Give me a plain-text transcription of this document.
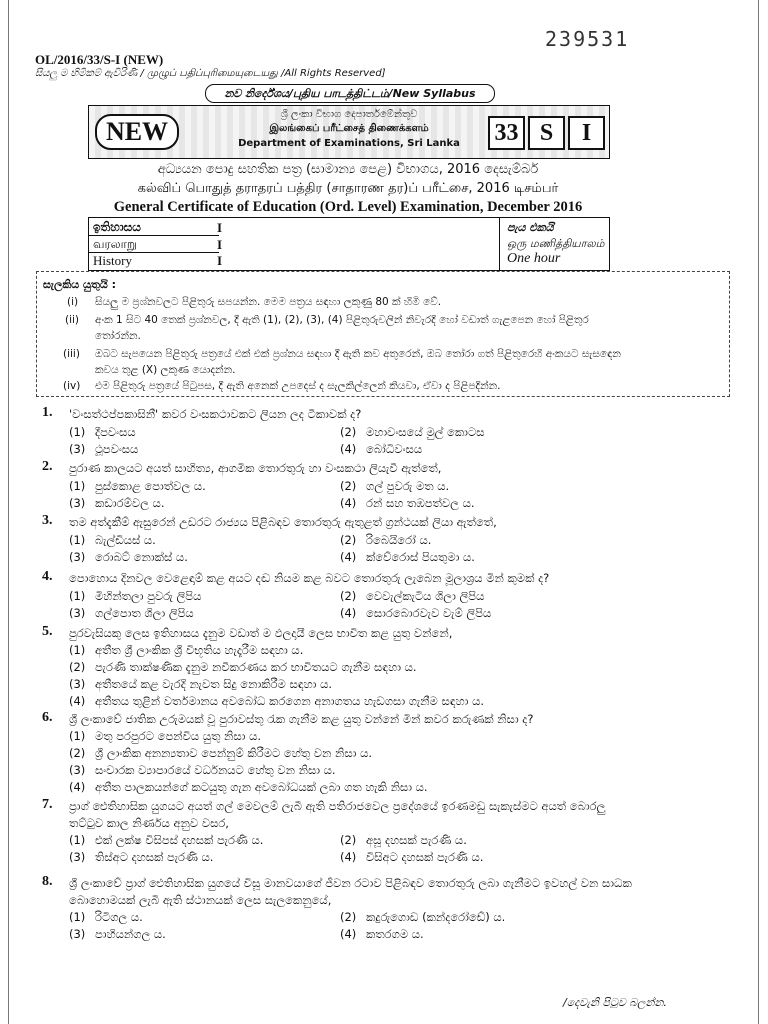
239531
OL/2016/33/S-I (NEW)
සියලු ම හිමිකම් ඇවිරිණි / முழுப் பதிப்புரிமையுடையது /All Rights Reserved]
නව නිර්දේශය/புதிய பாடத்திட்டம்/New Syllabus
NEW
ශ්‍රී ලංකා විභාග දෙපාර්තමේන්තුව
இலங்கைப் பரீட்சைத் திணைக்களம்
Department of Examinations, Sri Lanka	33 S	I
අධ්‍යයන පොදු සහතික පත්‍ර (සාමාන්‍ය පෙළ) විභාගය, 2016 දෙසැම්බර්
கல்விப் பொதுத் தராதரப் பத்திர (சாதாரண தர)ப் பரீட்சை, 2016 டிசம்பர்
General Certificate of Education (Ord. Level) Examination, December 2016
ඉතිහාසය	I
வரலாறு	I
History	I
පැය එකයි
ஒரு மணித்தியாலம்
One hour
සැලකිය යුතුයි :
(i) සියලු ම ප්‍රශ්නවලට පිළිතුරු සපයන්න. මෙම පත්‍රය සඳහා ලකුණු 80 ක් හිමි වේ.
(ii) අංක 1 සිට 40 තෙක් ප්‍රශ්නවල, දී ඇති (1), (2), (3), (4) පිළිතුරුවලින් නිවැරදි හෝ වඩාත් ගැළපෙන හෝ පිළිතුර
තෝරන්න.
(iii) ඔබට සැපයෙන පිළිතුරු පත්‍රයේ එක් එක් ප්‍රශ්නය සඳහා දී ඇති කව අතුරෙන්, ඔබ තෝරා ගත් පිළිතුරෙහි අංකයට සැසඳෙන
කවය තුළ (X) ලකුණ යොදන්න.
(iv) එම පිළිතුරු පත්‍රයේ පිටුපස, දී ඇති අනෙක් උපදෙස් ද සැලකිල්ලෙන් කියවා, ඒවා ද පිළිපදින්න.
1. 'වංසත්ථප්පකාසිනී' කවර වංසකථාවකට ලියන ලද ටීකාවක් ද?
(1) දීපවංසය	(2) මහාවංසයේ මුල් කොටස
(3) ථූපවංසය	(4) බෝධිවංසය
2. පුරාණ කාලයට අයත් සාහිත්‍ය, ආගමික තොරතුරු හා වංසකථා ලියැවී ඇත්තේ,
(1) පුස්කොළ පොත්වල ය.	(2) ගල් පුවරු මත ය.
(3) කඩාරම්වල ය.	(4) රන් සහ තඹපත්වල ය.
3. තම අත්දැකීම් ඇසුරෙන් උඩරට රාජ්‍යය පිළිබඳව තොරතුරු ඇතුළත් ග්‍රන්ථයක් ලියා ඇත්තේ,
(1) බැල්ඩියස් ය.	(2) රිබෙයිරෝ ය.
(3) රොබට් නොක්ස් ය.	(4) ක්වේරොස් පියතුමා ය.
4. පොහොය දිනවල වෙළෙඳාම් කළ අයට දඬ නියම කළ බවට තොරතුරු ලැබෙන මූලාශ්‍රය මින් කුමක් ද?
(1) මිහින්තලා පුවරු ලිපිය	(2) වෙවැල්කැටිය ශිලා ලිපිය
(3) ගල්පොත ශිලා ලිපිය	(4) සොරබොරවැව වැම් ලිපිය
5. පුරවැසියකු ලෙස ඉතිහාසය දැනුම වඩාත් ම ඵලදායී ලෙස භාවිත කළ යුතු වන්නේ,
(1) අතීත ශ්‍රී ලාංකික ශ්‍රී විභූතිය හැදෑරීම සඳහා ය.
(2) පැරණි තාක්ෂණික දැනුම නවීකරණය කර භාවිතයට ගැනීම සඳහා ය.
(3) අතීතයේ කළ වැරදි නැවත සිදු නොකිරීම සඳහා ය.
(4) අතීතය තුළින් වර්තමානය අවබෝධ කරගෙන අනාගතය හැඩගසා ගැනීම සඳහා ය.
6. ශ්‍රී ලංකාවේ ජාතික උරුමයක් වූ පුරාවස්තු රැක ගැනීම කළ යුතු වන්නේ මින් කවර කරුණක් නිසා ද?
(1) මතු පරපුරට පෙන්විය යුතු නිසා ය.
(2) ශ්‍රී ලාංකික අනන්‍යතාව පෙන්නුම් කිරීමට හේතු වන නිසා ය.
(3) සංචාරක ව්‍යාපාරයේ වර්ධනයට හේතු වන නිසා ය.
(4) අතීත පාලකයන්ගේ කටයුතු ගැන අවබෝධයක් ලබා ගත හැකි නිසා ය.
7. ප්‍රාග් ඓතිහාසික යුගයට අයත් ගල් මෙවලම් ලැබී ඇති පතිරාජවෙල ප්‍රදේශයේ ඉරණමඩු සැකැස්මට අයත් බොරලු
තට්ටුව කාල නිර්ණය අනුව වසර,
(1) එක් ලක්ෂ විසිපස් දහසක් පැරණි ය.	(2) අසූ දහසක් පැරණි ය.
(3) තිස්අට දහසක් පැරණි ය.	(4) විසිඅට දහසක් පැරණි ය.
8. ශ්‍රී ලංකාවේ ප්‍රාග් ඓතිහාසික යුගයේ විසූ මානවයාගේ ජීවන රටාව පිළිබඳව තොරතුරු ලබා ගැනීමට ඉවහල් වන සාධක
බොහොමයක් ලැබී ඇති ස්ථානයක් ලෙස සැලකෙනුයේ,
(1) රිටිගල ය.	(2) කදුරුගොඩ (කන්දරෝඩේ) ය.
(3) පාහියන්ගල ය.	(4) කතරගම ය.
/දෙවැනි පිටුව බලන්න.
